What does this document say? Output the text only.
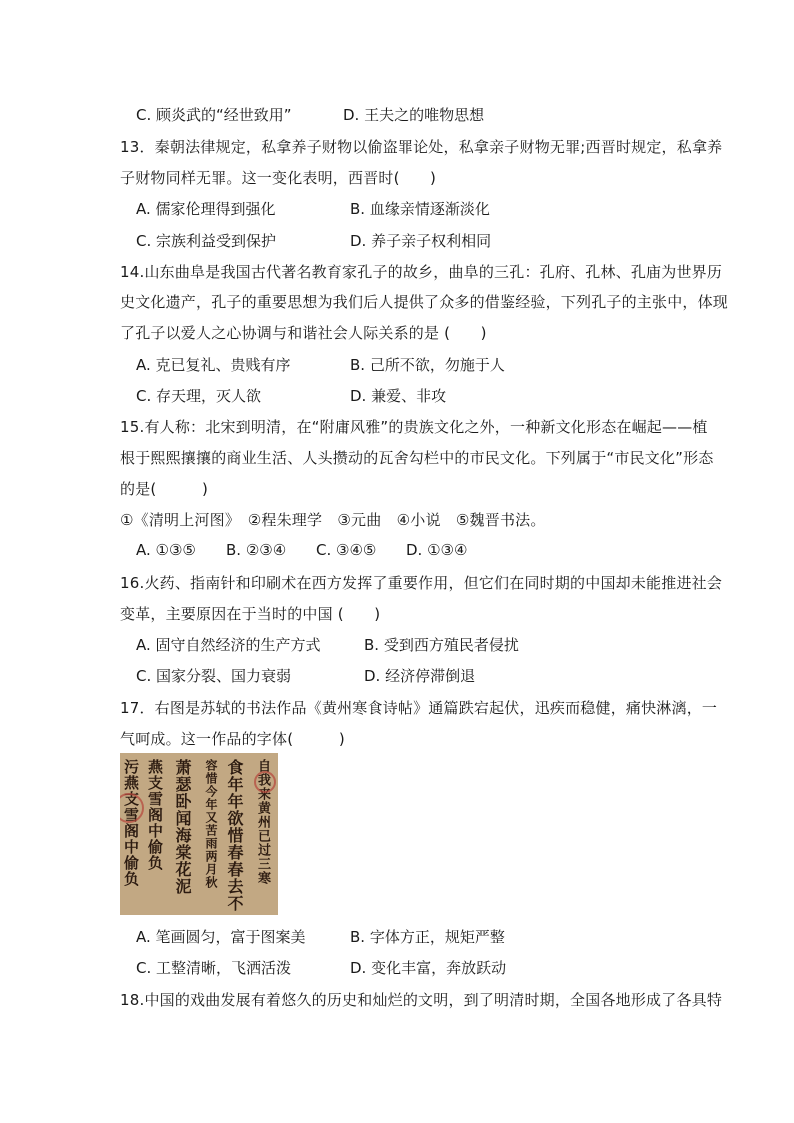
C. 顾炎武的“经世致用”	D. 王夫之的唯物思想
13．秦朝法律规定，私拿养子财物以偷盗罪论处，私拿亲子财物无罪;西晋时规定，私拿养
子财物同样无罪。这一变化表明，西晋时(　　)
A. 儒家伦理得到强化	B. 血缘亲情逐渐淡化
C. 宗族利益受到保护	D. 养子亲子权利相同
14.山东曲阜是我国古代著名教育家孔子的故乡，曲阜的三孔：孔府、孔林、孔庙为世界历
史文化遗产，孔子的重要思想为我们后人提供了众多的借鉴经验，下列孔子的主张中，体现
了孔子以爱人之心协调与和谐社会人际关系的是 (　　)
A. 克已复礼、贵贱有序	B. 己所不欲，勿施于人
C. 存天理，灭人欲	D. 兼爱、非攻
15.有人称：北宋到明清，在“附庸风雅”的贵族文化之外，一种新文化形态在崛起——植
根于熙熙攘攘的商业生活、人头攒动的瓦舍勾栏中的市民文化。下列属于“市民文化”形态
的是(　　　)
①《清明上河图》　②程朱理学　③元曲　④小说　⑤魏晋书法。
A. ①③⑤ B. ②③④ C. ③④⑤ D. ①③④
16.火药、指南针和印刷术在西方发挥了重要作用，但它们在同时期的中国却未能推进社会
变革，主要原因在于当时的中国 (　　)
A. 固守自然经济的生产方式	B. 受到西方殖民者侵扰
C. 国家分裂、国力衰弱	D. 经济停滞倒退
17．右图是苏轼的书法作品《黄州寒食诗帖》通篇跌宕起伏，迅疾而稳健，痛快淋漓，一
气呵成。这一作品的字体(　　　)
自我来黄州已过三寒
食年年欲惜春春去不
容惜今年又苦雨两月秋
萧瑟卧闻海棠花泥
燕支雪阁中偷负
污燕支雪阁中偷负
A. 笔画圆匀，富于图案美	B. 字体方正，规矩严整
C. 工整清晰，飞洒活泼	D. 变化丰富，奔放跃动
18.中国的戏曲发展有着悠久的历史和灿烂的文明，到了明清时期，全国各地形成了各具特
